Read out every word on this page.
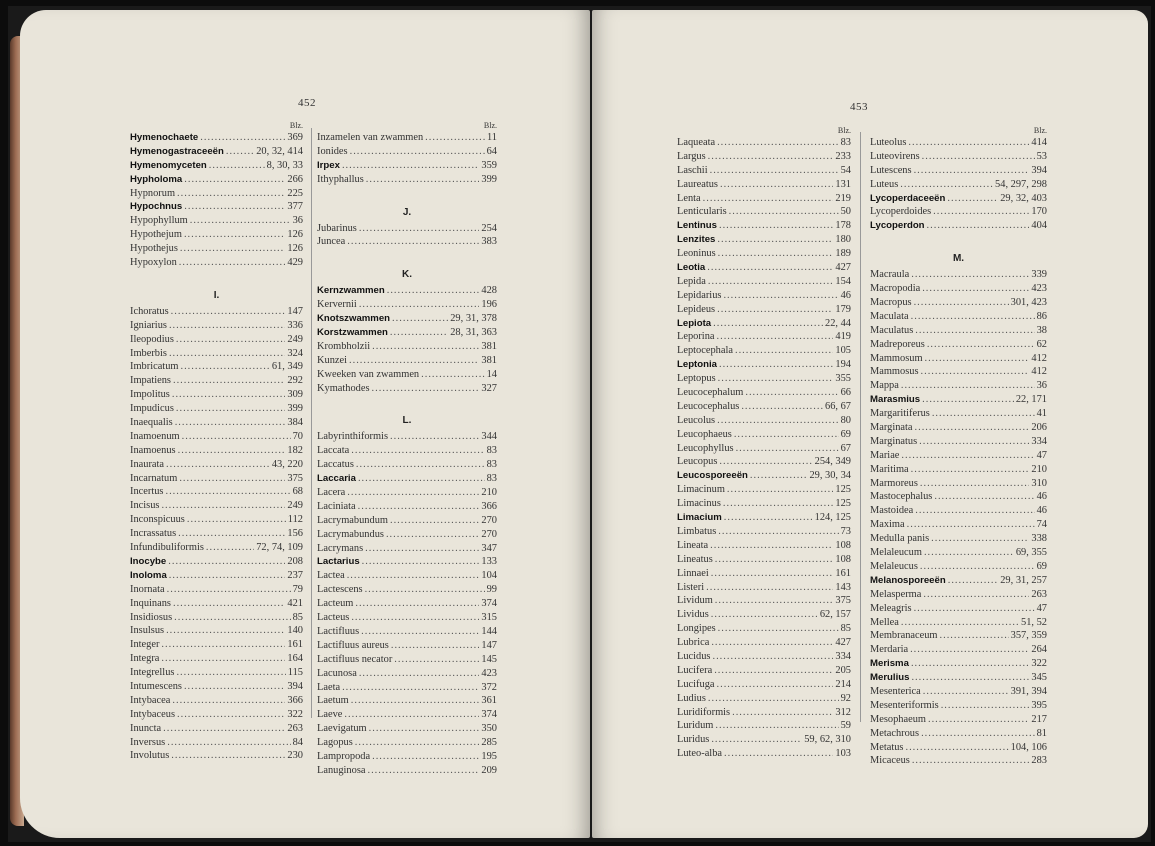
452	453
Blz.
Hymenochaete .....	369
Hymenogastraceeën .....	20, 32, 414
Hymenomyceten .....	8, 30, 33
Hypholoma .....	266
Hypnorum .....	225
Hypochnus .....	377
Hypophyllum .....	36
Hypothejum .....	126
Hypothejus .....	126
Hypoxylon .....	429
I.
Ichoratus .....	147
Igniarius .....	336
Ileopodius .....	249
Imberbis .....	324
Imbricatum .....	61, 349
Impatiens .....	292
Impolitus .....	309
Impudicus .....	399
Inaequalis .....	384
Inamoenum .....	70
Inamoenus .....	182
Inaurata .....	43, 220
Incarnatum .....	375
Incertus .....	68
Incisus .....	249
Inconspicuus .....	112
Incrassatus .....	156
Infundibuliformis .....	72, 74, 109
Inocybe .....	208
Inoloma .....	237
Inornata .....	79
Inquinans .....	421
Insidiosus .....	85
Insulsus .....	140
Integer .....	161
Integra .....	164
Integrellus .....	115
Intumescens .....	394
Intybacea .....	366
Intybaceus .....	322
Inuncta .....	263
Inversus .....	84
Involutus .....	230
Blz.
Inzamelen van zwammen .....	11
Ionides .....	64
Irpex .....	359
Ithyphallus .....	399
J.
Jubarinus .....	254
Juncea .....	383
K.
Kernzwammen .....	428
Kervernii .....	196
Knotszwammen .....	29, 31, 378
Korstzwammen .....	28, 31, 363
Krombholzii .....	381
Kunzei .....	381
Kweeken van zwammen .....	14
Kymathodes .....	327
L.
Labyrinthiformis .....	344
Laccata .....	83
Laccatus .....	83
Laccaria .....	83
Lacera .....	210
Laciniata .....	366
Lacrymabundum .....	270
Lacrymabundus .....	270
Lacrymans .....	347
Lactarius .....	133
Lactea .....	104
Lactescens .....	99
Lacteum .....	374
Lacteus .....	315
Lactifluus .....	144
Lactifluus aureus .....	147
Lactifluus necator .....	145
Lacunosa .....	423
Laeta .....	372
Laetum .....	361
Laeve .....	374
Laevigatum .....	350
Lagopus .....	285
Lampropoda .....	195
Lanuginosa .....	209
Blz.
Laqueata .....	83
Largus .....	233
Laschii .....	54
Laureatus .....	131
Lenta .....	219
Lenticularis .....	50
Lentinus .....	178
Lenzites .....	180
Leoninus .....	189
Leotia .....	427
Lepida .....	154
Lepidarius .....	46
Lepideus .....	179
Lepiota .....	22, 44
Leporina .....	419
Leptocephala .....	105
Leptonia .....	194
Leptopus .....	355
Leucocephalum .....	66
Leucocephalus .....	66, 67
Leucolus .....	80
Leucophaeus .....	69
Leucophyllus .....	67
Leucopus .....	254, 349
Leucosporeeën .....	29, 30, 34
Limacinum .....	125
Limacinus .....	125
Limacium .....	124, 125
Limbatus .....	73
Lineata .....	108
Lineatus .....	108
Linnaei .....	161
Listeri .....	143
Lividum .....	375
Lividus .....	62, 157
Longipes .....	85
Lubrica .....	427
Lucidus .....	334
Lucifera .....	205
Lucifuga .....	214
Ludius .....	92
Luridiformis .....	312
Luridum .....	59
Luridus .....	59, 62, 310
Luteo-alba .....	103
Blz.
Luteolus .....	414
Luteovirens .....	53
Lutescens .....	394
Luteus .....	54, 297, 298
Lycoperdaceeën .....	29, 32, 403
Lycoperdoides .....	170
Lycoperdon .....	404
M.
Macraula .....	339
Macropodia .....	423
Macropus .....	301, 423
Maculata .....	86
Maculatus .....	38
Madreporeus .....	62
Mammosum .....	412
Mammosus .....	412
Mappa .....	36
Marasmius .....	22, 171
Margaritiferus .....	41
Marginata .....	206
Marginatus .....	334
Mariae .....	47
Maritima .....	210
Marmoreus .....	310
Mastocephalus .....	46
Mastoidea .....	46
Maxima .....	74
Medulla panis .....	338
Melaleucum .....	69, 355
Melaleucus .....	69
Melanosporeeën .....	29, 31, 257
Melasperma .....	263
Meleagris .....	47
Mellea .....	51, 52
Membranaceum .....	357, 359
Merdaria .....	264
Merisma .....	322
Merulius .....	345
Mesenterica .....	391, 394
Mesenteriformis .....	395
Mesophaeum .....	217
Metachrous .....	81
Metatus .....	104, 106
Micaceus .....	283
